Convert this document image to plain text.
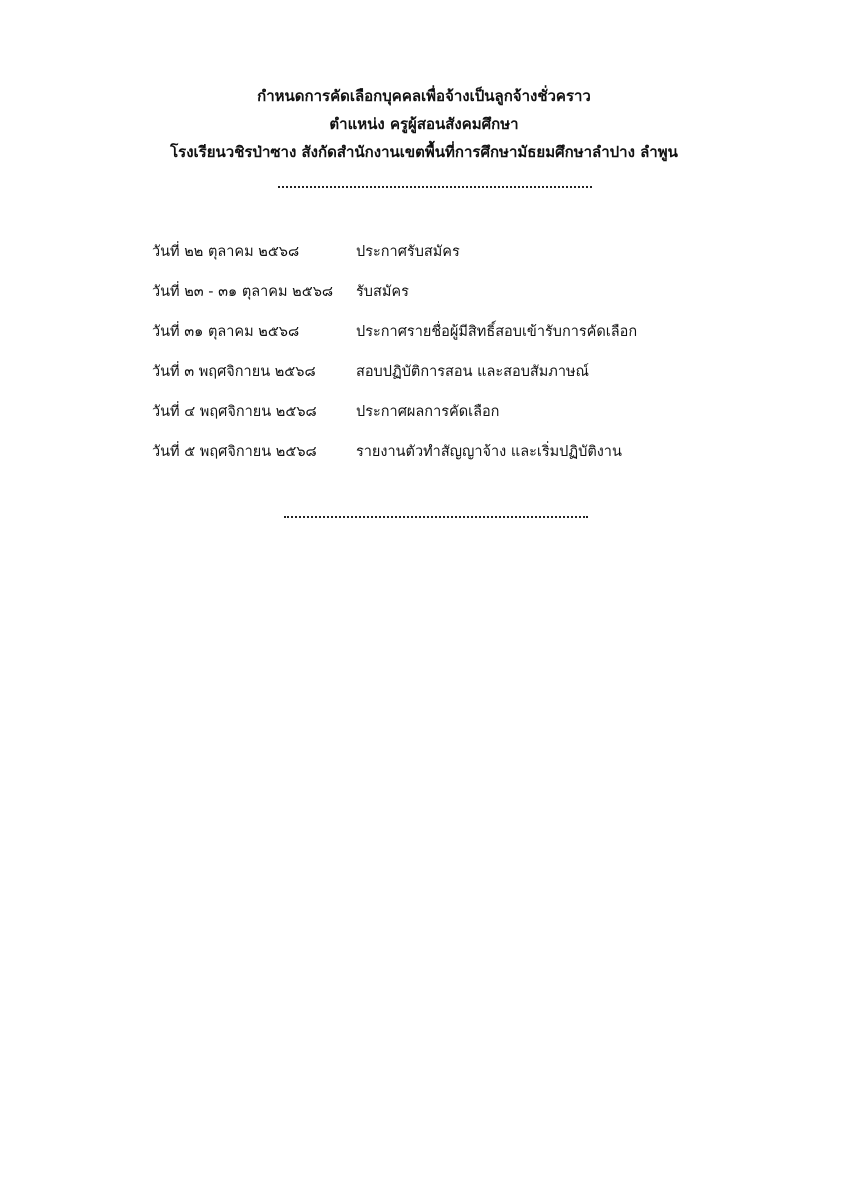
กำหนดการคัดเลือกบุคคลเพื่อจ้างเป็นลูกจ้างชั่วคราว
ตำแหน่ง ครูผู้สอนสังคมศึกษา
โรงเรียนวชิรป่าซาง สังกัดสำนักงานเขตพื้นที่การศึกษามัธยมศึกษาลำปาง ลำพูน
วันที่ ๒๒ ตุลาคม ๒๕๖๘	ประกาศรับสมัคร
วันที่ ๒๓ - ๓๑ ตุลาคม ๒๕๖๘ รับสมัคร
วันที่ ๓๑ ตุลาคม ๒๕๖๘	ประกาศรายชื่อผู้มีสิทธิ์สอบเข้ารับการคัดเลือก
วันที่ ๓ พฤศจิกายน ๒๕๖๘	สอบปฏิบัติการสอน และสอบสัมภาษณ์
วันที่ ๔ พฤศจิกายน ๒๕๖๘	ประกาศผลการคัดเลือก
วันที่ ๕ พฤศจิกายน ๒๕๖๘	รายงานตัวทำสัญญาจ้าง และเริ่มปฏิบัติงาน
